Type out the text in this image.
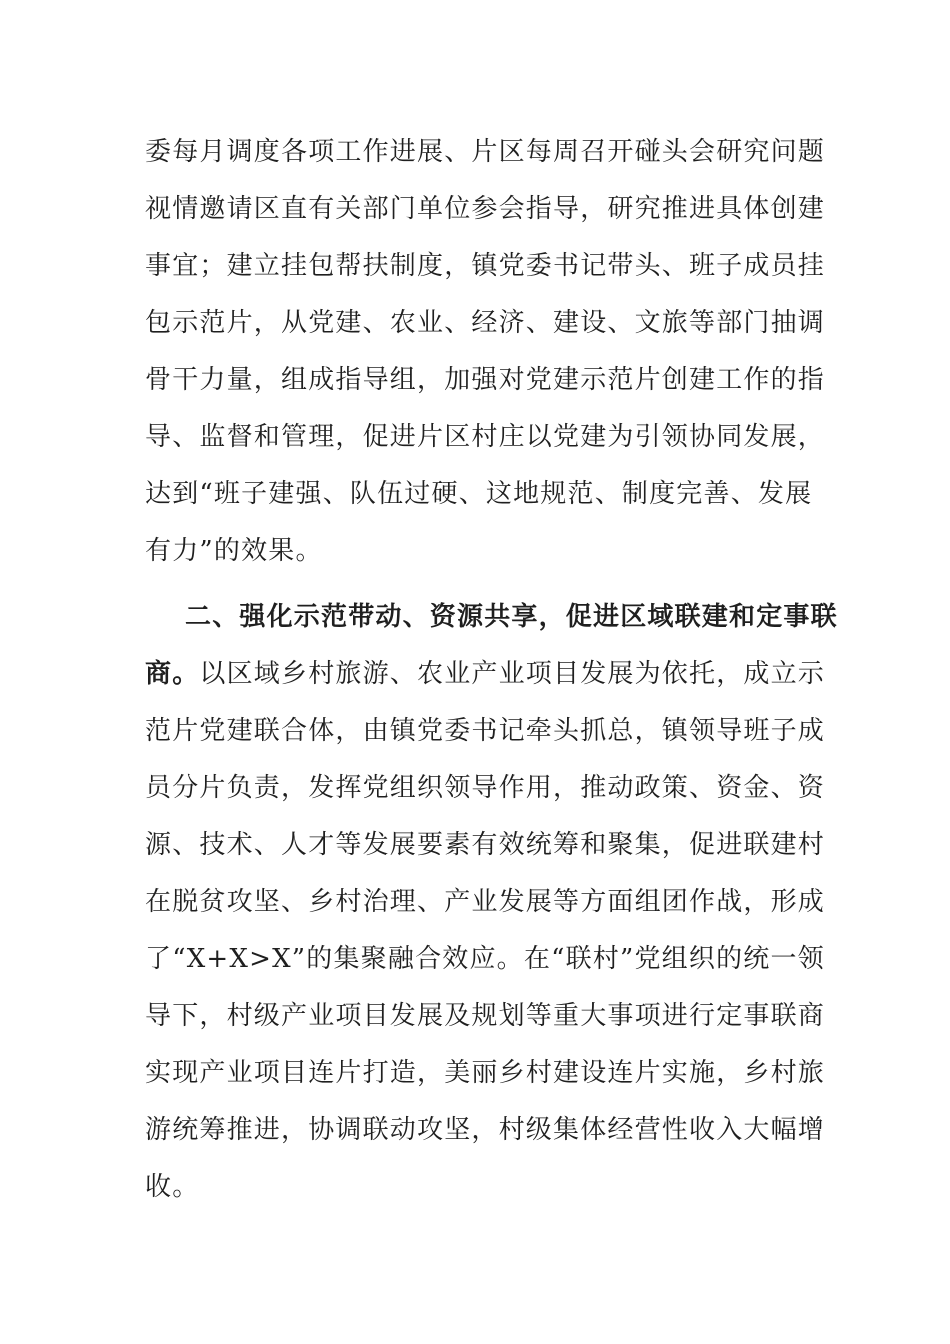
委每月调度各项工作进展、片区每周召开碰头会研究问题
视情邀请区直有关部门单位参会指导，研究推进具体创建
事宜；建立挂包帮扶制度，镇党委书记带头、班子成员挂
包示范片，从党建、农业、经济、建设、文旅等部门抽调
骨干力量，组成指导组，加强对党建示范片创建工作的指
导、监督和管理，促进片区村庄以党建为引领协同发展，
达到“班子建强、队伍过硬、这地规范、制度完善、发展
有力”的效果。
二、强化示范带动、资源共享，促进区域联建和定事联
商。以区域乡村旅游、农业产业项目发展为依托，成立示
范片党建联合体，由镇党委书记牵头抓总，镇领导班子成
员分片负责，发挥党组织领导作用，推动政策、资金、资
源、技术、人才等发展要素有效统筹和聚集，促进联建村
在脱贫攻坚、乡村治理、产业发展等方面组团作战，形成
了“X+X>X”的集聚融合效应。在“联村”党组织的统一领
导下，村级产业项目发展及规划等重大事项进行定事联商
实现产业项目连片打造，美丽乡村建设连片实施，乡村旅
游统筹推进，协调联动攻坚，村级集体经营性收入大幅增
收。
